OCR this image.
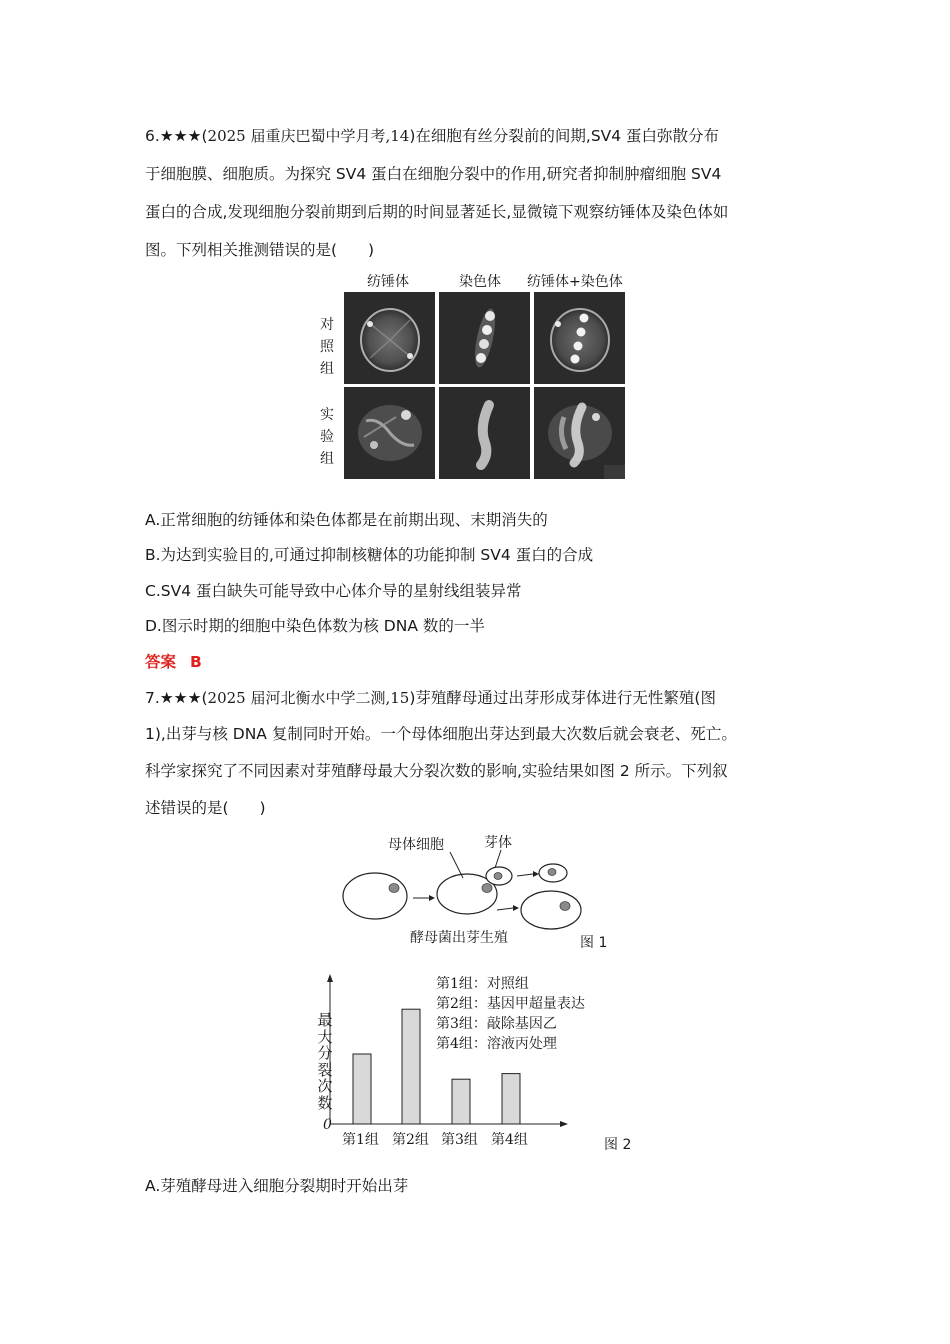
6.★★★(2025 届重庆巴蜀中学月考,14)在细胞有丝分裂前的间期,SV4 蛋白弥散分布
于细胞膜、细胞质。为探究 SV4 蛋白在细胞分裂中的作用,研究者抑制肿瘤细胞 SV4
蛋白的合成,发现细胞分裂前期到后期的时间显著延长,显微镜下观察纺锤体及染色体如
图。下列相关推测错误的是(　　)
纺锤体	染色体 纺锤体+染色体
对照组
实验组
A.正常细胞的纺锤体和染色体都是在前期出现、末期消失的
B.为达到实验目的,可通过抑制核糖体的功能抑制 SV4 蛋白的合成
C.SV4 蛋白缺失可能导致中心体介导的星射线组装异常
D.图示时期的细胞中染色体数为核 DNA 数的一半
答案 B
7.★★★(2025 届河北衡水中学二测,15)芽殖酵母通过出芽形成芽体进行无性繁殖(图
1),出芽与核 DNA 复制同时开始。一个母体细胞出芽达到最大次数后就会衰老、死亡。
科学家探究了不同因素对芽殖酵母最大分裂次数的影响,实验结果如图 2 所示。下列叙
述错误的是(　　)
母体细胞	芽体
酵母菌出芽生殖	图 1
最
大
分
裂
次
数
0
第1组 第2组 第3组 第4组
第1组：对照组
第2组：基因甲超量表达
第3组：敲除基因乙
第4组：溶液丙处理
图 2
A.芽殖酵母进入细胞分裂期时开始出芽
